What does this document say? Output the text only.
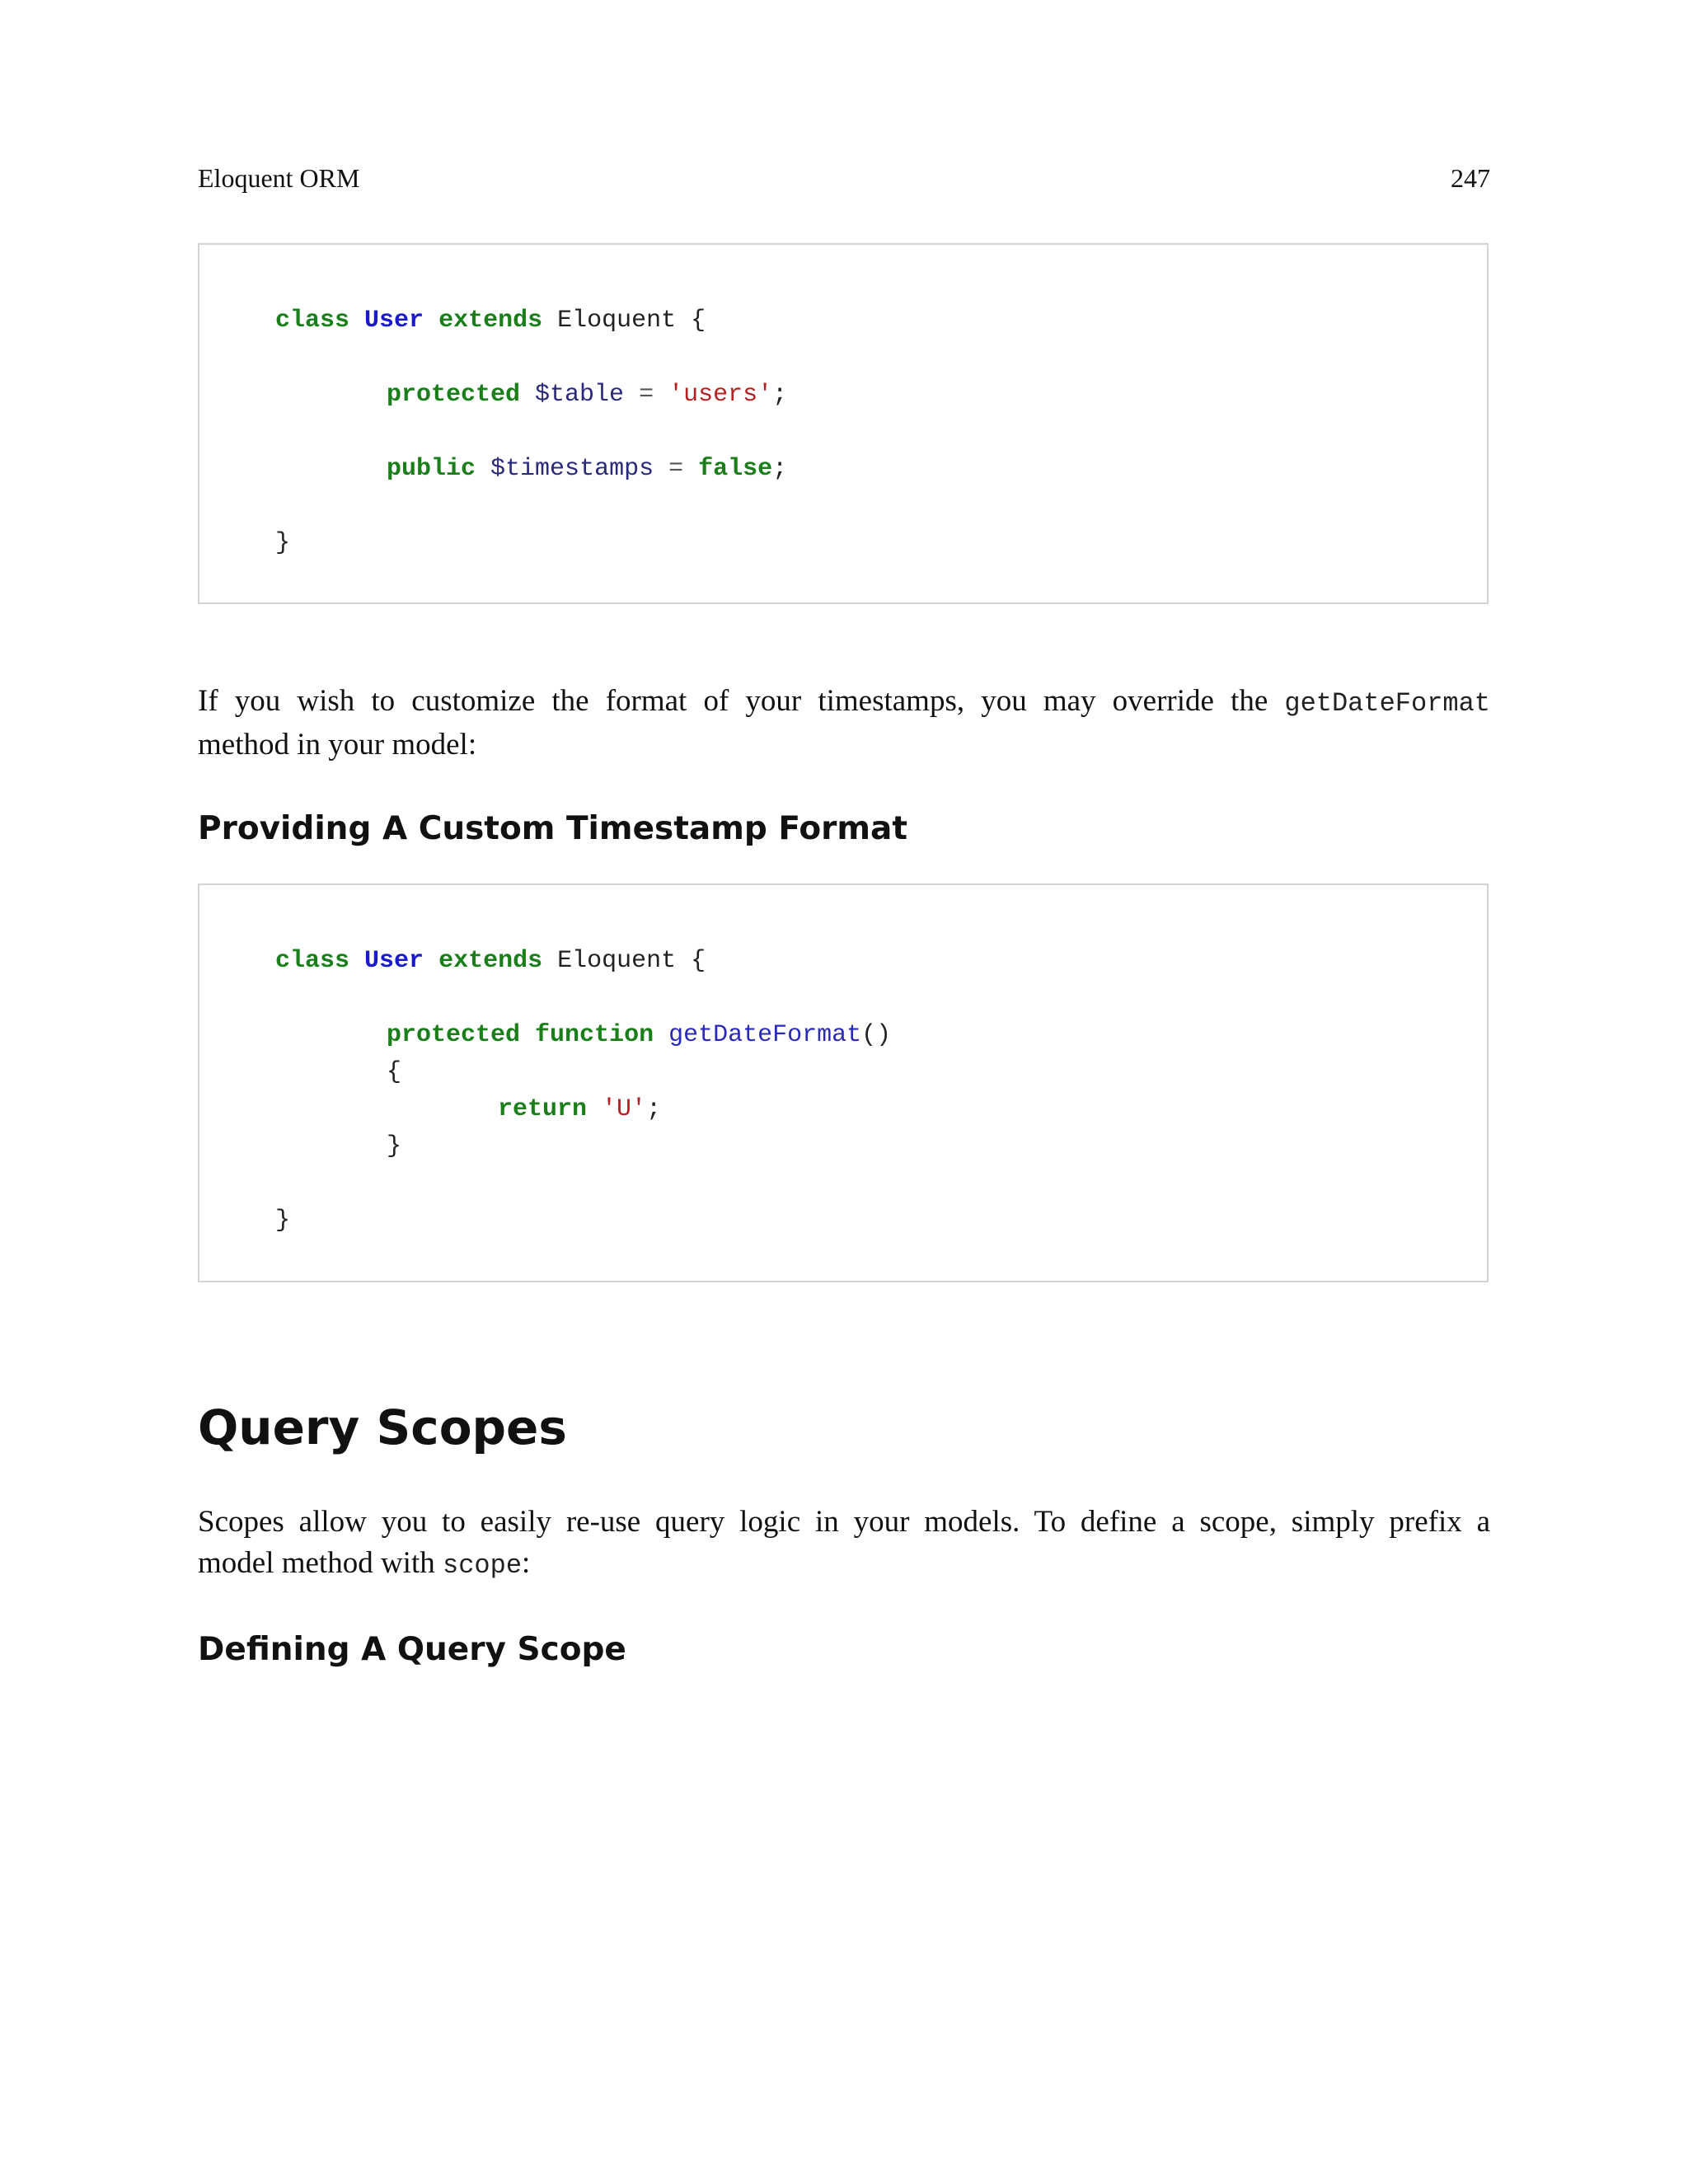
Eloquent ORM	247
class User extends Eloquent {
protected $table = 'users';
public $timestamps = false;
}
If you wish to customize the format of your timestamps, you may override the getDateFormat
method in your model:
Providing A Custom Timestamp Format
class User extends Eloquent {
protected function getDateFormat()
{
return 'U';
}
}
Query Scopes
Scopes allow you to easily re-use query logic in your models. To define a scope, simply prefix a
model method with scope:
Defining A Query Scope
